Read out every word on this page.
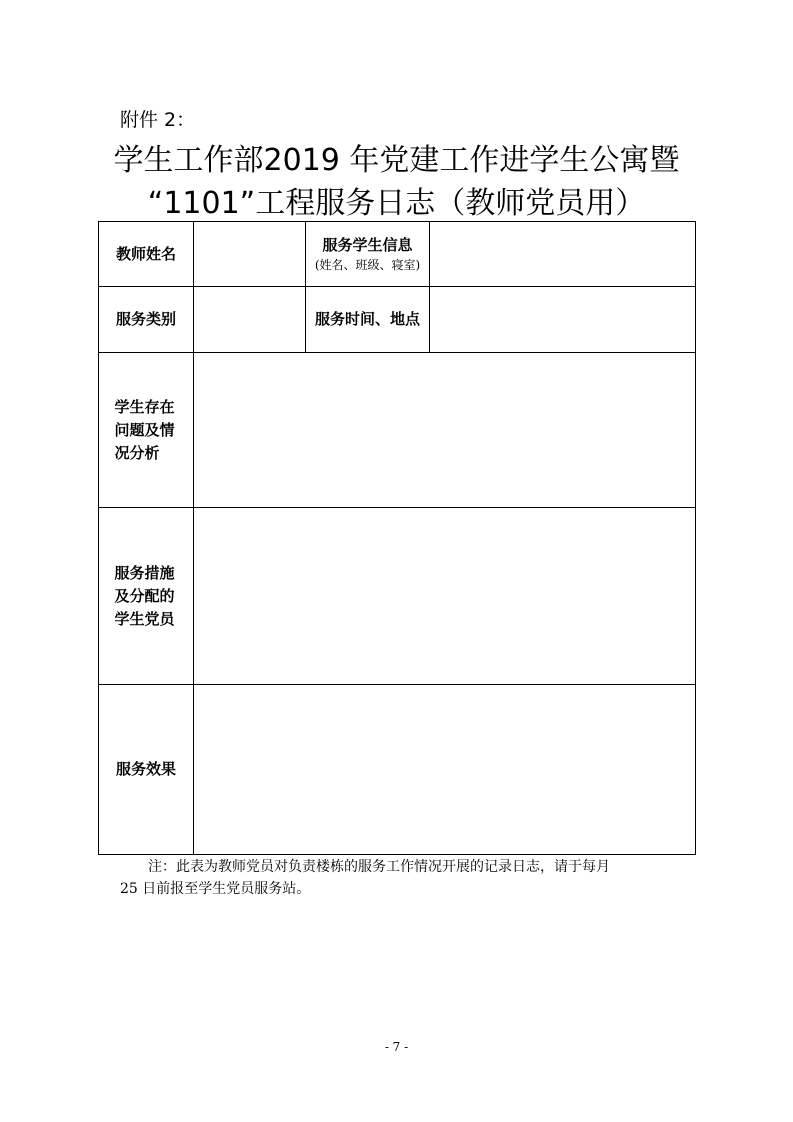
附件 2：
学生工作部2019 年党建工作进学生公寓暨
“1101”工程服务日志（教师党员用）
教师姓名		服务学生信息
(姓名、班级、寝室)	

服务类别		服务时间、地点	
学生存在问题及情况分析			
服务措施及分配的学生党员			
服务效果			
注：此表为教师党员对负责楼栋的服务工作情况开展的记录日志，请于每月
25 日前报至学生党员服务站。
- 7 -
